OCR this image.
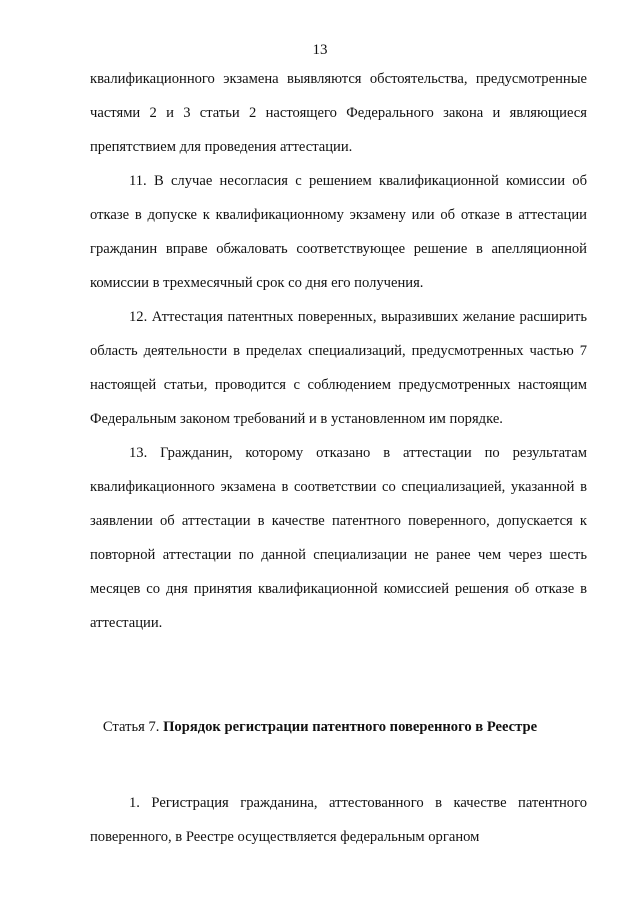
13

квалификационного экзамена выявляются обстоятельства, предусмотренные частями 2 и 3 статьи 2 настоящего Федерального закона и являющиеся препятствием для проведения аттестации.

11. В случае несогласия с решением квалификационной комиссии об отказе в допуске к квалификационному экзамену или об отказе в аттестации гражданин вправе обжаловать соответствующее решение в апелляционной комиссии в трехмесячный срок со дня его получения.

12. Аттестация патентных поверенных, выразивших желание расширить область деятельности в пределах специализаций, предусмотренных частью 7 настоящей статьи, проводится с соблюдением предусмотренных настоящим Федеральным законом требований и в установленном им порядке.

13. Гражданин, которому отказано в аттестации по результатам квалификационного экзамена в соответствии со специализацией, указанной в заявлении об аттестации в качестве патентного поверенного, допускается к повторной аттестации по данной специализации не ранее чем через шесть месяцев со дня принятия квалификационной комиссией решения об отказе в аттестации.

Статья 7. Порядок регистрации патентного поверенного в Реестре

1. Регистрация гражданина, аттестованного в качестве патентного поверенного, в Реестре осуществляется федеральным органом
